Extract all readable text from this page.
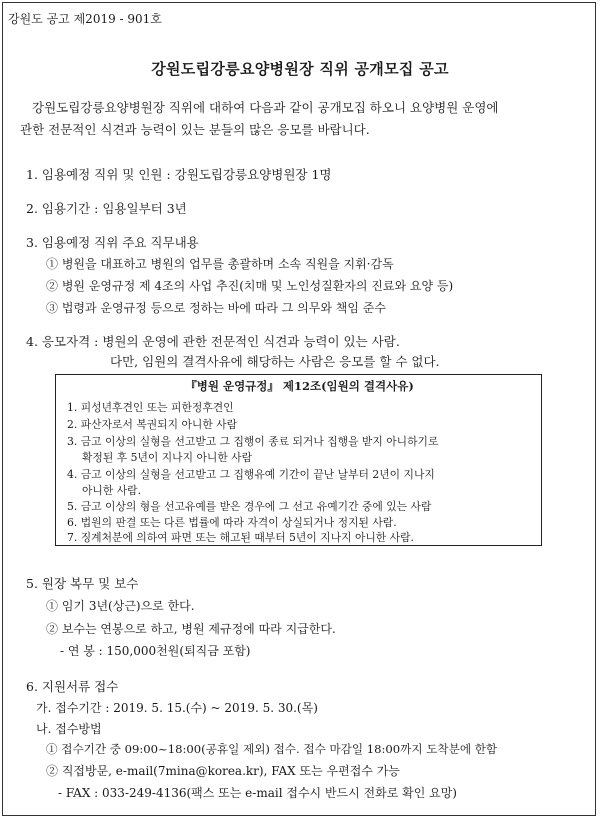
강원도 공고 제2019 - 901호
강원도립강릉요양병원장 직위 공개모집 공고
강원도립강릉요양병원장 직위에 대하여 다음과 같이 공개모집 하오니 요양병원 운영에
관한 전문적인 식견과 능력이 있는 분들의 많은 응모를 바랍니다.
1. 임용예정 직위 및 인원 : 강원도립강릉요양병원장 1명
2. 임용기간 : 임용일부터 3년
3. 임용예정 직위 주요 직무내용
① 병원을 대표하고 병원의 업무를 총괄하며 소속 직원을 지휘·감독
② 병원 운영규정 제 4조의 사업 추진(치매 및 노인성질환자의 진료와 요양 등)
③ 법령과 운영규정 등으로 정하는 바에 따라 그 의무와 책임 준수
4. 응모자격 : 병원의 운영에 관한 전문적인 식견과 능력이 있는 사람.
다만, 임원의 결격사유에 해당하는 사람은 응모를 할 수 없다.
『병원 운영규정』 제12조(임원의 결격사유)
1. 피성년후견인 또는 피한정후견인
2. 파산자로서 복권되지 아니한 사람
3. 금고 이상의 실형을 선고받고 그 집행이 종료 되거나 집행을 받지 아니하기로
확정된 후 5년이 지나지 아니한 사람
4. 금고 이상의 실형을 선고받고 그 집행유예 기간이 끝난 날부터 2년이 지나지
아니한 사람.
5. 금고 이상의 형을 선고유예를 받은 경우에 그 선고 유예기간 중에 있는 사람
6. 법원의 판결 또는 다른 법률에 따라 자격이 상실되거나 정지된 사람.
7. 징계처분에 의하여 파면 또는 해고된 때부터 5년이 지나지 아니한 사람.
5. 원장 복무 및 보수
① 임기 3년(상근)으로 한다.
② 보수는 연봉으로 하고, 병원 제규정에 따라 지급한다.
- 연 봉 : 150,000천원(퇴직금 포함)
6. 지원서류 접수
가. 접수기간 : 2019. 5. 15.(수) ~ 2019. 5. 30.(목)
나. 접수방법
① 접수기간 중 09:00~18:00(공휴일 제외) 접수. 접수 마감일 18:00까지 도착분에 한함
② 직접방문, e-mail(7mina@korea.kr), FAX 또는 우편접수 가능
- FAX : 033-249-4136(팩스 또는 e-mail 접수시 반드시 전화로 확인 요망)
